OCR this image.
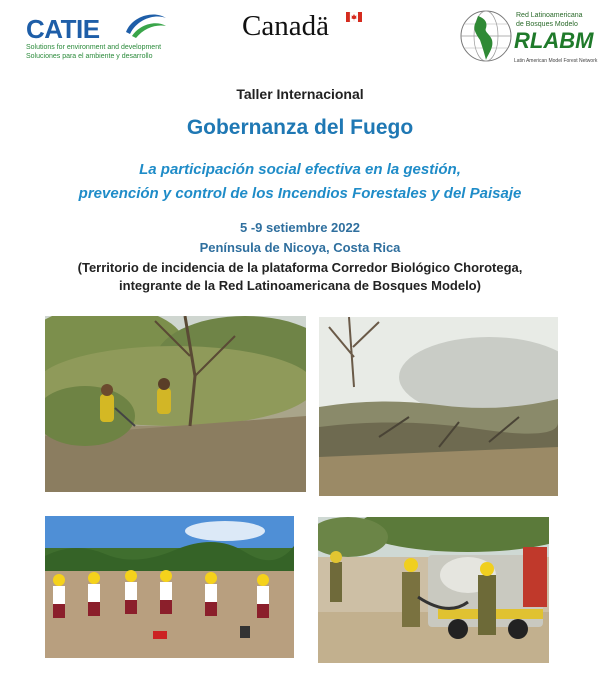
CATIE
Solutions for environment and development
Soluciones para el ambiente y desarrollo
Canadä	Red Latinoamericana
de Bosques Modelo
RLABM
Latin American Model Forest Network
Taller Internacional
Gobernanza del Fuego
La participación social efectiva en la gestión,
prevención y control de los Incendios Forestales y del Paisaje
5 -9 setiembre 2022
Península de Nicoya, Costa Rica
(Territorio de incidencia de la plataforma Corredor Biológico Chorotega,
integrante de la Red Latinoamericana de Bosques Modelo)
